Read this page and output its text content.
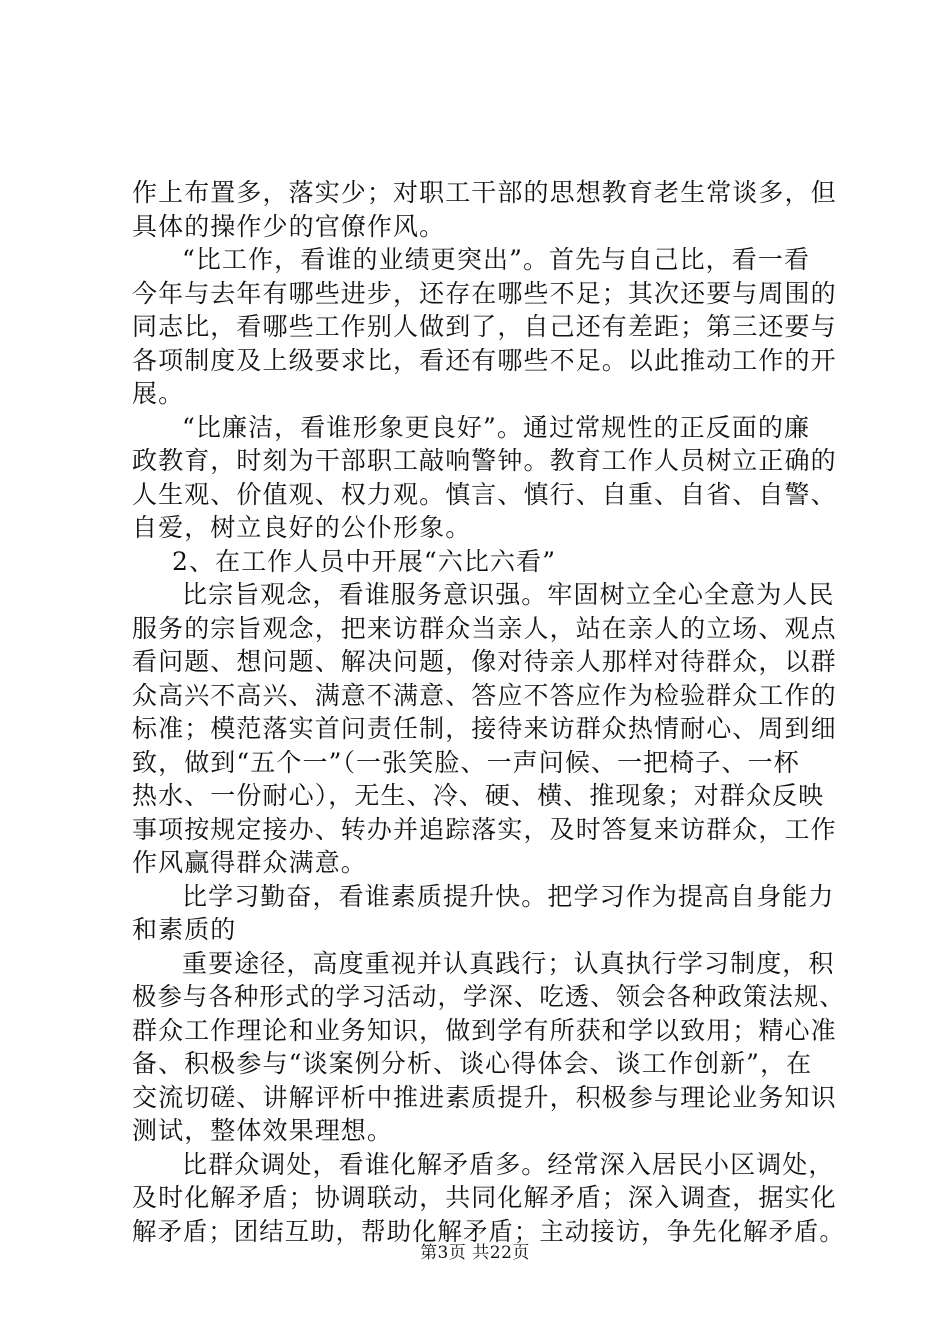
作上布置多，落实少；对职工干部的思想教育老生常谈多，但
具体的操作少的官僚作风。
“比工作，看谁的业绩更突出”。首先与自己比，看一看
今年与去年有哪些进步，还存在哪些不足；其次还要与周围的
同志比，看哪些工作别人做到了，自己还有差距；第三还要与
各项制度及上级要求比，看还有哪些不足。以此推动工作的开
展。
“比廉洁，看谁形象更良好”。通过常规性的正反面的廉
政教育，时刻为干部职工敲响警钟。教育工作人员树立正确的
人生观、价值观、权力观。慎言、慎行、自重、自省、自警、
自爱，树立良好的公仆形象。
2、在工作人员中开展“六比六看”
比宗旨观念，看谁服务意识强。牢固树立全心全意为人民
服务的宗旨观念，把来访群众当亲人，站在亲人的立场、观点
看问题、想问题、解决问题，像对待亲人那样对待群众，以群
众高兴不高兴、满意不满意、答应不答应作为检验群众工作的
标准；模范落实首问责任制，接待来访群众热情耐心、周到细
致，做到“五个一”（一张笑脸、一声问候、一把椅子、一杯
热水、一份耐心），无生、冷、硬、横、推现象；对群众反映
事项按规定接办、转办并追踪落实，及时答复来访群众，工作
作风赢得群众满意。
比学习勤奋，看谁素质提升快。把学习作为提高自身能力
和素质的
重要途径，高度重视并认真践行；认真执行学习制度，积
极参与各种形式的学习活动，学深、吃透、领会各种政策法规、
群众工作理论和业务知识，做到学有所获和学以致用；精心准
备、积极参与“谈案例分析、谈心得体会、谈工作创新”，在
交流切磋、讲解评析中推进素质提升，积极参与理论业务知识
测试，整体效果理想。
比群众调处，看谁化解矛盾多。经常深入居民小区调处，
及时化解矛盾；协调联动，共同化解矛盾；深入调查，据实化
解矛盾；团结互助，帮助化解矛盾；主动接访，争先化解矛盾。
第3页 共22页
